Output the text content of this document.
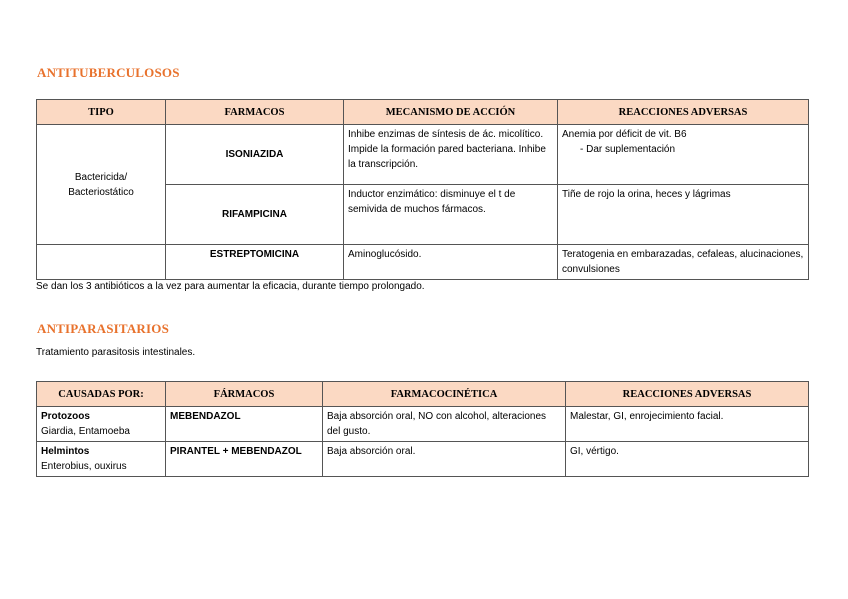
ANTITUBERCULOSOS
TIPO	FARMACOS	MECANISMO DE ACCIÓN	REACCIONES ADVERSAS
Bactericida/ Bacteriostático	ISONIAZIDA	Inhibe enzimas de síntesis de ác. micolítico. Impide la formación pared bacteriana. Inhibe la transcripción.	Anemia por déficit de vit. B6
- Dar suplementación

	RIFAMPICINA	Inductor enzimático: disminuye el t de semivida de muchos fármacos.	Tiñe de rojo la orina, heces y lágrimas
	ESTREPTOMICINA	Aminoglucósido.	Teratogenia en embarazadas, cefaleas, alucinaciones, convulsiones
Se dan los 3 antibióticos a la vez para aumentar la eficacia, durante tiempo prolongado.
ANTIPARASITARIOS
Tratamiento parasitosis intestinales.
CAUSADAS POR:	FÁRMACOS	FARMACOCINÉTICA	REACCIONES ADVERSAS

Protozoos
Giardia, Entamoeba	MEBENDAZOL	Baja absorción oral, NO con alcohol, alteraciones del gusto.	Malestar, GI, enrojecimiento facial.

Helmintos
Enterobius, ouxirus	PIRANTEL + MEBENDAZOL	Baja absorción oral.	GI, vértigo.
